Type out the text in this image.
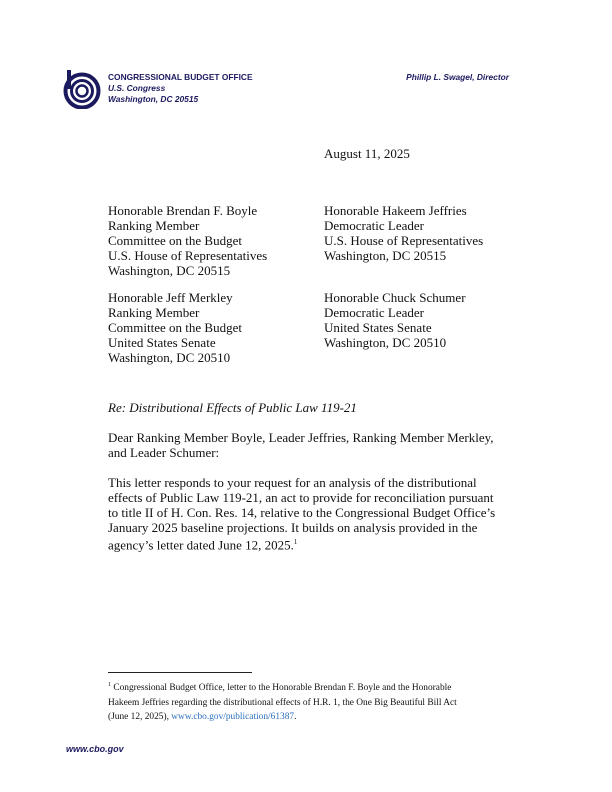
CONGRESSIONAL BUDGET OFFICE
U.S. Congress
Washington, DC 20515
Phillip L. Swagel, Director
August 11, 2025
Honorable Brendan F. Boyle
Ranking Member
Committee on the Budget
U.S. House of Representatives
Washington, DC 20515
Honorable Hakeem Jeffries
Democratic Leader
U.S. House of Representatives
Washington, DC 20515
Honorable Jeff Merkley
Ranking Member
Committee on the Budget
United States Senate
Washington, DC 20510
Honorable Chuck Schumer
Democratic Leader
United States Senate
Washington, DC 20510
Re: Distributional Effects of Public Law 119-21
Dear Ranking Member Boyle, Leader Jeffries, Ranking Member Merkley,
and Leader Schumer:
This letter responds to your request for an analysis of the distributional
effects of Public Law 119-21, an act to provide for reconciliation pursuant
to title II of H. Con. Res. 14, relative to the Congressional Budget Office’s
January 2025 baseline projections. It builds on analysis provided in the
agency’s letter dated June 12, 2025.$^1$
$^1$ Congressional Budget Office, letter to the Honorable Brendan F. Boyle and the Honorable
Hakeem Jeffries regarding the distributional effects of H.R. 1, the One Big Beautiful Bill Act
(June 12, 2025), www.cbo.gov/publication/61387.
www.cbo.gov
